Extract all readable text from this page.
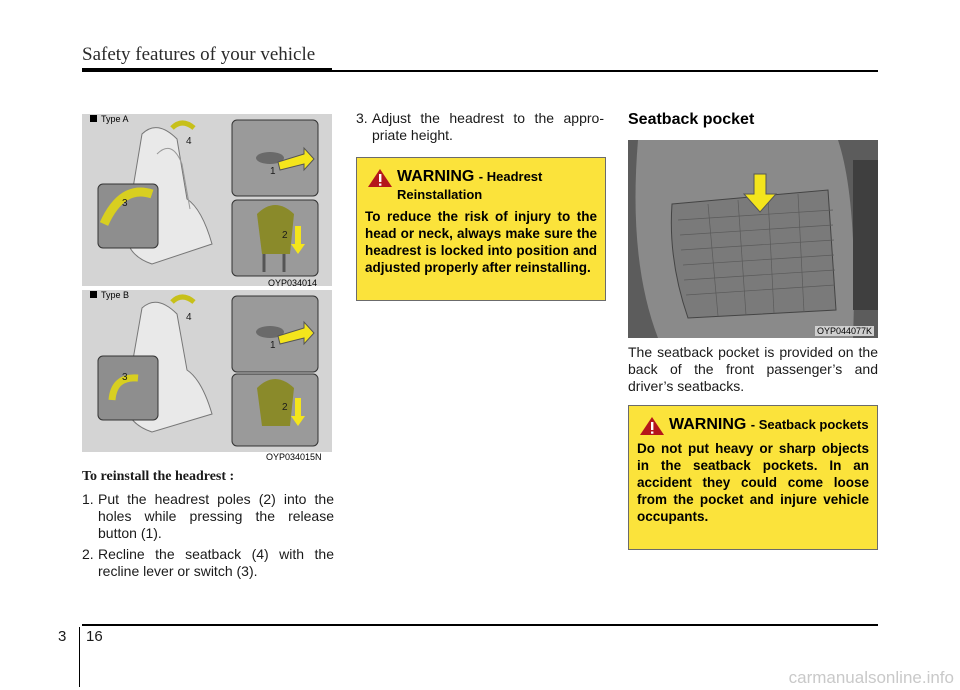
Safety features of your vehicle
Type A
4
3
1
2
OYP034014
Type B
4
3
1
2
OYP034015N
To reinstall the headrest :
1. Put the headrest poles (2) into the holes while pressing the release button (1).
2. Recline the seatback (4) with the recline lever or switch (3).
3. Adjust the headrest to the appro-priate height.
WARNING - Headrest Reinstallation
To reduce the risk of injury to the head or neck, always make sure the headrest is locked into position and adjusted properly after reinstalling.
Seatback pocket
OYP044077K
The seatback pocket is provided on the back of the front passenger’s and driver’s seatbacks.
WARNING - Seatback pockets
Do not put heavy or sharp objects in the seatback pockets. In an accident they could come loose from the pocket and injure vehicle occupants.
3 16
carmanualsonline.info
